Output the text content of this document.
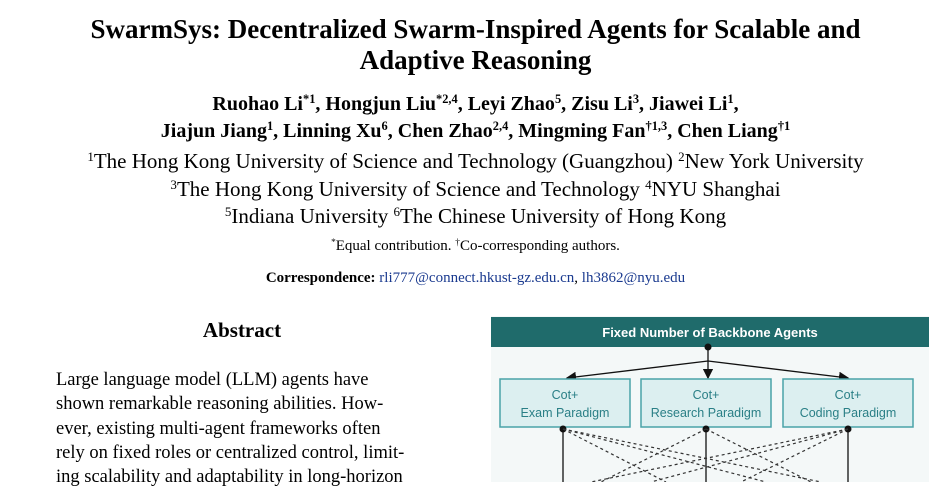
SwarmSys: Decentralized Swarm-Inspired Agents for Scalable and
Adaptive Reasoning
Ruohao Li$^{*1}$, Hongjun Liu$^{*2,4}$, Leyi Zhao$^5$, Zisu Li$^3$, Jiawei Li$^1$,
Jiajun Jiang$^1$, Linning Xu$^6$, Chen Zhao$^{2,4}$, Mingming Fan$^{\dagger 1,3}$, Chen Liang$^{\dagger 1}$
$^1$The Hong Kong University of Science and Technology (Guangzhou) $^2$New York University
$^3$The Hong Kong University of Science and Technology $^4$NYU Shanghai
$^5$Indiana University $^6$The Chinese University of Hong Kong
*Equal contribution. †Co-corresponding authors.
Correspondence: rli777@connect.hkust-gz.edu.cn, lh3862@nyu.edu
Abstract
Large language model (LLM) agents have
shown remarkable reasoning abilities. How-
ever, existing multi-agent frameworks often
rely on fixed roles or centralized control, limit-
ing scalability and adaptability in long-horizon
Fixed Number of Backbone Agents
Cot+
Exam Paradigm
Cot+
Research Paradigm
Cot+
Coding Paradigm
